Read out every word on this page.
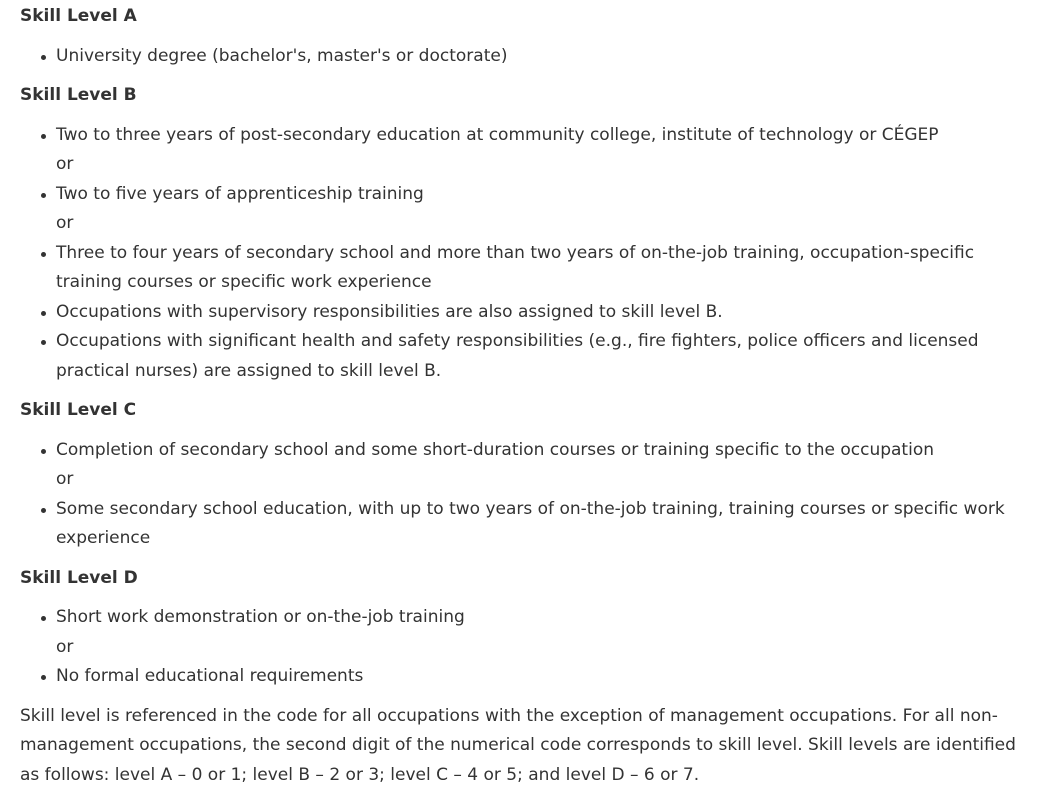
Skill Level A
University degree (bachelor's, master's or doctorate)
Skill Level B
Two to three years of post-secondary education at community college, institute of technology or CÉGEP
or
Two to five years of apprenticeship training
or
Three to four years of secondary school and more than two years of on-the-job training, occupation-specific training courses or specific work experience
Occupations with supervisory responsibilities are also assigned to skill level B.
Occupations with significant health and safety responsibilities (e.g., fire fighters, police officers and licensed practical nurses) are assigned to skill level B.
Skill Level C
Completion of secondary school and some short-duration courses or training specific to the occupation
or
Some secondary school education, with up to two years of on-the-job training, training courses or specific work experience
Skill Level D
Short work demonstration or on-the-job training
or
No formal educational requirements

Skill level is referenced in the code for all occupations with the exception of management occupations. For all non-management occupations, the second digit of the numerical code corresponds to skill level. Skill levels are identified as follows: level A – 0 or 1; level B – 2 or 3; level C – 4 or 5; and level D – 6 or 7.
